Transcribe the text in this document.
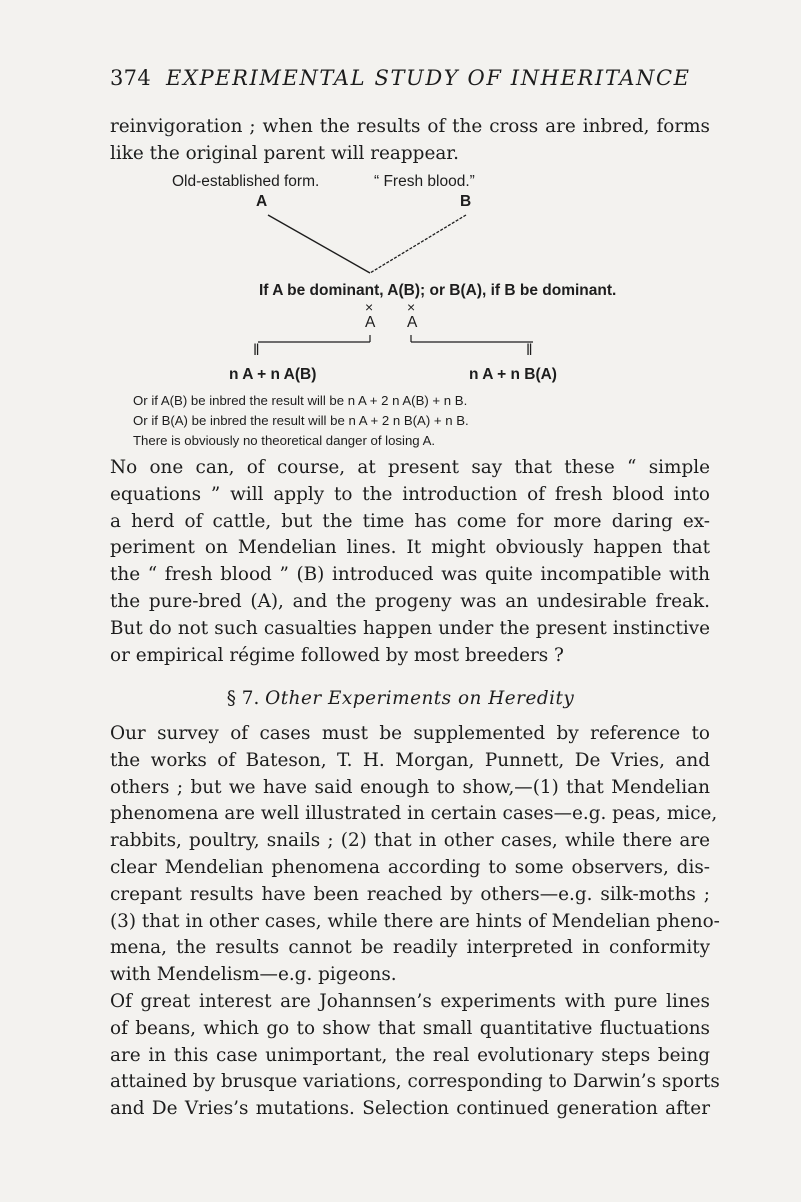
374 EXPERIMENTAL STUDY OF INHERITANCE
reinvigoration ; when the results of the cross are inbred, forms
like the original parent will reappear.
Old-established form.	“ Fresh blood.”
A	B
If A be dominant, A(B); or B(A), if B be dominant.
× ×
A A
‖	‖
n A + n A(B)	n A + n B(A)
Or if A(B) be inbred the result will be n A + 2 n A(B) + n B.
Or if B(A) be inbred the result will be n A + 2 n B(A) + n B.
There is obviously no theoretical danger of losing A.
No one can, of course, at present say that these “ simple
equations ” will apply to the introduction of fresh blood into
a herd of cattle, but the time has come for more daring ex-
periment on Mendelian lines. It might obviously happen that
the “ fresh blood ” (B) introduced was quite incompatible with
the pure-bred (A), and the progeny was an undesirable freak.
But do not such casualties happen under the present instinctive
or empirical régime followed by most breeders ?
§ 7. Other Experiments on Heredity
Our survey of cases must be supplemented by reference to
the works of Bateson, T. H. Morgan, Punnett, De Vries, and
others ; but we have said enough to show,—(1) that Mendelian
phenomena are well illustrated in certain cases—e.g. peas, mice,
rabbits, poultry, snails ; (2) that in other cases, while there are
clear Mendelian phenomena according to some observers, dis-
crepant results have been reached by others—e.g. silk-moths ;
(3) that in other cases, while there are hints of Mendelian pheno-
mena, the results cannot be readily interpreted in conformity
with Mendelism—e.g. pigeons.
Of great interest are Johannsen’s experiments with pure lines
of beans, which go to show that small quantitative fluctuations
are in this case unimportant, the real evolutionary steps being
attained by brusque variations, corresponding to Darwin’s sports
and De Vries’s mutations. Selection continued generation after
